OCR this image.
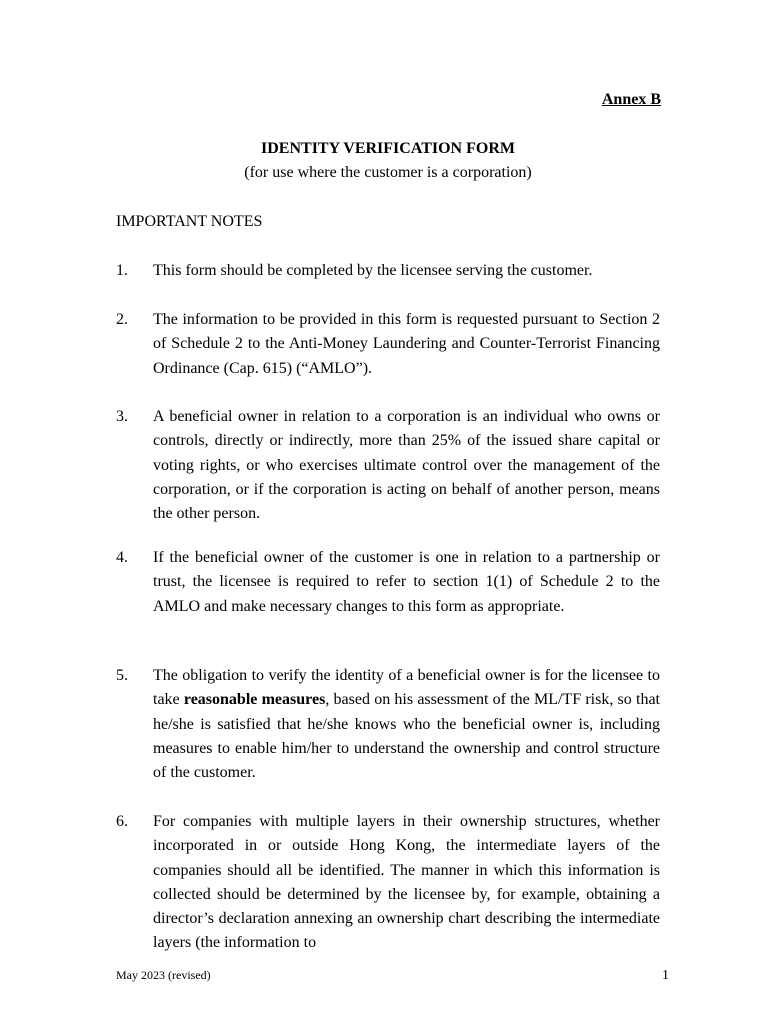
Annex B
IDENTITY VERIFICATION FORM
(for use where the customer is a corporation)
IMPORTANT NOTES
1. This form should be completed by the licensee serving the customer.
2. The information to be provided in this form is requested pursuant to Section 2 of Schedule 2 to the Anti-Money Laundering and Counter-Terrorist Financing Ordinance (Cap. 615) (“AMLO”).
3. A beneficial owner in relation to a corporation is an individual who owns or controls, directly or indirectly, more than 25% of the issued share capital or voting rights, or who exercises ultimate control over the management of the corporation, or if the corporation is acting on behalf of another person, means the other person.
4. If the beneficial owner of the customer is one in relation to a partnership or trust, the licensee is required to refer to section 1(1) of Schedule 2 to the AMLO and make necessary changes to this form as appropriate.
5. The obligation to verify the identity of a beneficial owner is for the licensee to take reasonable measures, based on his assessment of the ML/TF risk, so that he/she is satisfied that he/she knows who the beneficial owner is, including measures to enable him/her to understand the ownership and control structure of the customer.
6. For companies with multiple layers in their ownership structures, whether incorporated in or outside Hong Kong, the intermediate layers of the companies should all be identified. The manner in which this information is collected should be determined by the licensee by, for example, obtaining a director’s declaration annexing an ownership chart describing the intermediate layers (the information to
May 2023 (revised)	1
